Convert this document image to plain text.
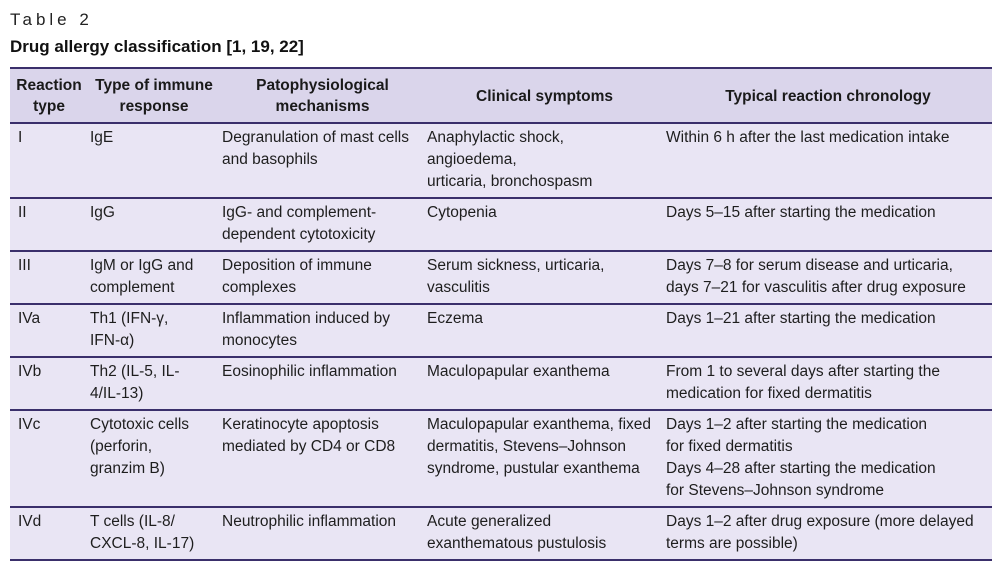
Table 2
Drug allergy classification [1, 19, 22]
Reaction
type	Type of immune
response	Patophysiological
mechanisms	Clinical symptoms	Typical reaction chronology

I	IgE	Degranulation of mast cells
and basophils	Anaphylactic shock, angioedema,
urticaria, bronchospasm	Within 6 h after the last medication intake

II	IgG	IgG- and complement-
dependent cytotoxicity	Cytopenia	Days 5–15 after starting the medication

III	IgM or IgG and
complement	Deposition of immune
complexes	Serum sickness, urticaria,
vasculitis	Days 7–8 for serum disease and urticaria,
days 7–21 for vasculitis after drug exposure

IVa	Th1 (IFN-γ,
IFN-α)	Inflammation induced by
monocytes	Eczema	Days 1–21 after starting the medication

IVb	Th2 (IL-5, IL-
4/IL-13)	Eosinophilic inflammation	Maculopapular exanthema	From 1 to several days after starting the
medication for fixed dermatitis

IVc	Cytotoxic cells
(perforin,
granzim B)	Keratinocyte apoptosis
mediated by CD4 or CD8	Maculopapular exanthema, fixed
dermatitis, Stevens–Johnson
syndrome, pustular exanthema	Days 1–2 after starting the medication
for fixed dermatitis
Days 4–28 after starting the medication
for Stevens–Johnson syndrome

IVd	T cells (IL-8/
CXCL-8, IL-17)	Neutrophilic inflammation	Acute generalized
exanthematous pustulosis	Days 1–2 after drug exposure (more delayed
terms are possible)
